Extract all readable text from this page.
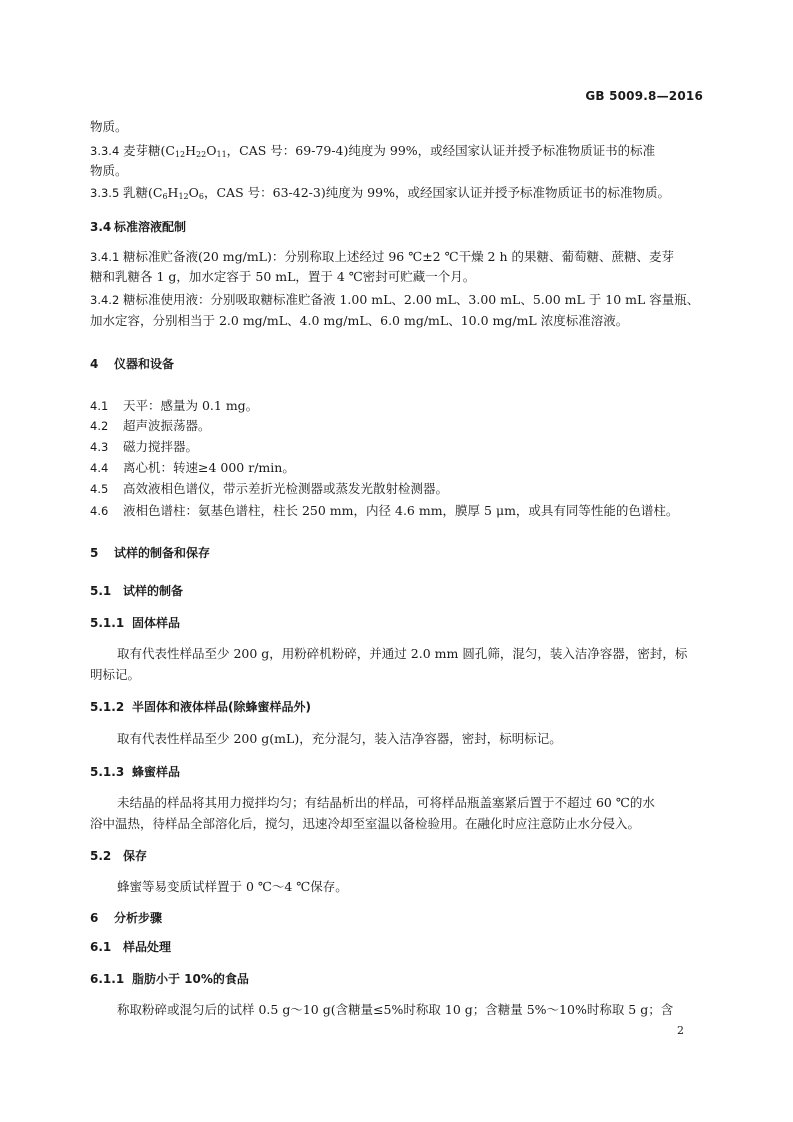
GB 5009.8—2016
物质。
3.3.4 麦芽糖($C_{12}H_{22}O_{11}$，CAS 号：69-79-4)纯度为 99%，或经国家认证并授予标准物质证书的标准
物质。
3.3.5 乳糖($C_6H_{12}O_6$，CAS 号：63-42-3)纯度为 99%，或经国家认证并授予标准物质证书的标准物质。
3.4 标准溶液配制
3.4.1 糖标准贮备液(20 mg/mL)：分别称取上述经过 96 ℃±2 ℃干燥 2 h 的果糖、葡萄糖、蔗糖、麦芽
糖和乳糖各 1 g，加水定容于 50 mL，置于 4 ℃密封可贮藏一个月。
3.4.2 糖标准使用液：分别吸取糖标准贮备液 1.00 mL、2.00 mL、3.00 mL、5.00 mL 于 10 mL 容量瓶、
加水定容，分别相当于 2.0 mg/mL、4.0 mg/mL、6.0 mg/mL、10.0 mg/mL 浓度标准溶液。
4 仪器和设备
4.1 天平：感量为 0.1 mg。
4.2 超声波振荡器。
4.3 磁力搅拌器。
4.4 离心机：转速≥4 000 r/min。
4.5 高效液相色谱仪，带示差折光检测器或蒸发光散射检测器。
4.6 液相色谱柱：氨基色谱柱，柱长 250 mm，内径 4.6 mm，膜厚 5 μm，或具有同等性能的色谱柱。
5 试样的制备和保存
5.1 试样的制备
5.1.1 固体样品
取有代表性样品至少 200 g，用粉碎机粉碎，并通过 2.0 mm 圆孔筛，混匀，装入洁净容器，密封，标
明标记。
5.1.2 半固体和液体样品(除蜂蜜样品外)
取有代表性样品至少 200 g(mL)，充分混匀，装入洁净容器，密封，标明标记。
5.1.3 蜂蜜样品
未结晶的样品将其用力搅拌均匀；有结晶析出的样品，可将样品瓶盖塞紧后置于不超过 60 ℃的水
浴中温热，待样品全部溶化后，搅匀，迅速冷却至室温以备检验用。在融化时应注意防止水分侵入。
5.2 保存
蜂蜜等易变质试样置于 0 ℃～4 ℃保存。
6 分析步骤
6.1 样品处理
6.1.1 脂肪小于 10%的食品
称取粉碎或混匀后的试样 0.5 g～10 g(含糖量≤5%时称取 10 g；含糖量 5%～10%时称取 5 g；含
2
